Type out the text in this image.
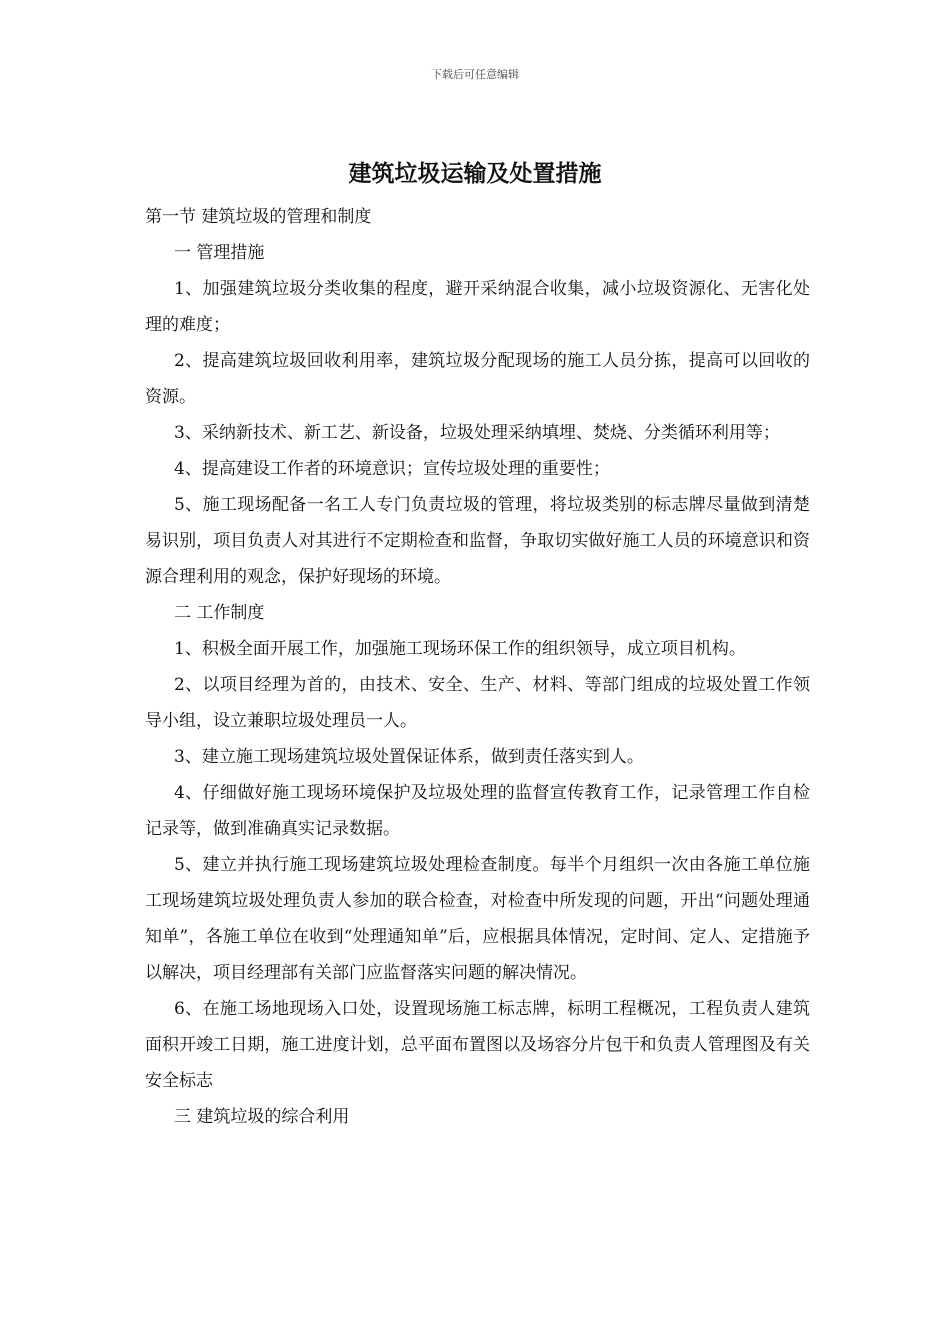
下载后可任意编辑
建筑垃圾运输及处置措施

第一节 建筑垃圾的管理和制度

一 管理措施

1、加强建筑垃圾分类收集的程度，避开采纳混合收集，减小垃圾资源化、无害化处理的难度；

2、提高建筑垃圾回收利用率，建筑垃圾分配现场的施工人员分拣，提高可以回收的资源。

3、采纳新技术、新工艺、新设备，垃圾处理采纳填埋、焚烧、分类循环利用等；

4、提高建设工作者的环境意识；宣传垃圾处理的重要性；

5、施工现场配备一名工人专门负责垃圾的管理，将垃圾类别的标志牌尽量做到清楚易识别，项目负责人对其进行不定期检查和监督，争取切实做好施工人员的环境意识和资源合理利用的观念，保护好现场的环境。

二 工作制度

1、积极全面开展工作，加强施工现场环保工作的组织领导，成立项目机构。

2、以项目经理为首的，由技术、安全、生产、材料、等部门组成的垃圾处置工作领导小组，设立兼职垃圾处理员一人。

3、建立施工现场建筑垃圾处置保证体系，做到责任落实到人。

4、仔细做好施工现场环境保护及垃圾处理的监督宣传教育工作，记录管理工作自检记录等，做到准确真实记录数据。

5、建立并执行施工现场建筑垃圾处理检查制度。每半个月组织一次由各施工单位施工现场建筑垃圾处理负责人参加的联合检查，对检查中所发现的问题，开出“问题处理通知单”，各施工单位在收到“处理通知单”后，应根据具体情况，定时间、定人、定措施予以解决，项目经理部有关部门应监督落实问题的解决情况。

6、在施工场地现场入口处，设置现场施工标志牌，标明工程概况，工程负责人建筑面积开竣工日期，施工进度计划，总平面布置图以及场容分片包干和负责人管理图及有关安全标志

三 建筑垃圾的综合利用
